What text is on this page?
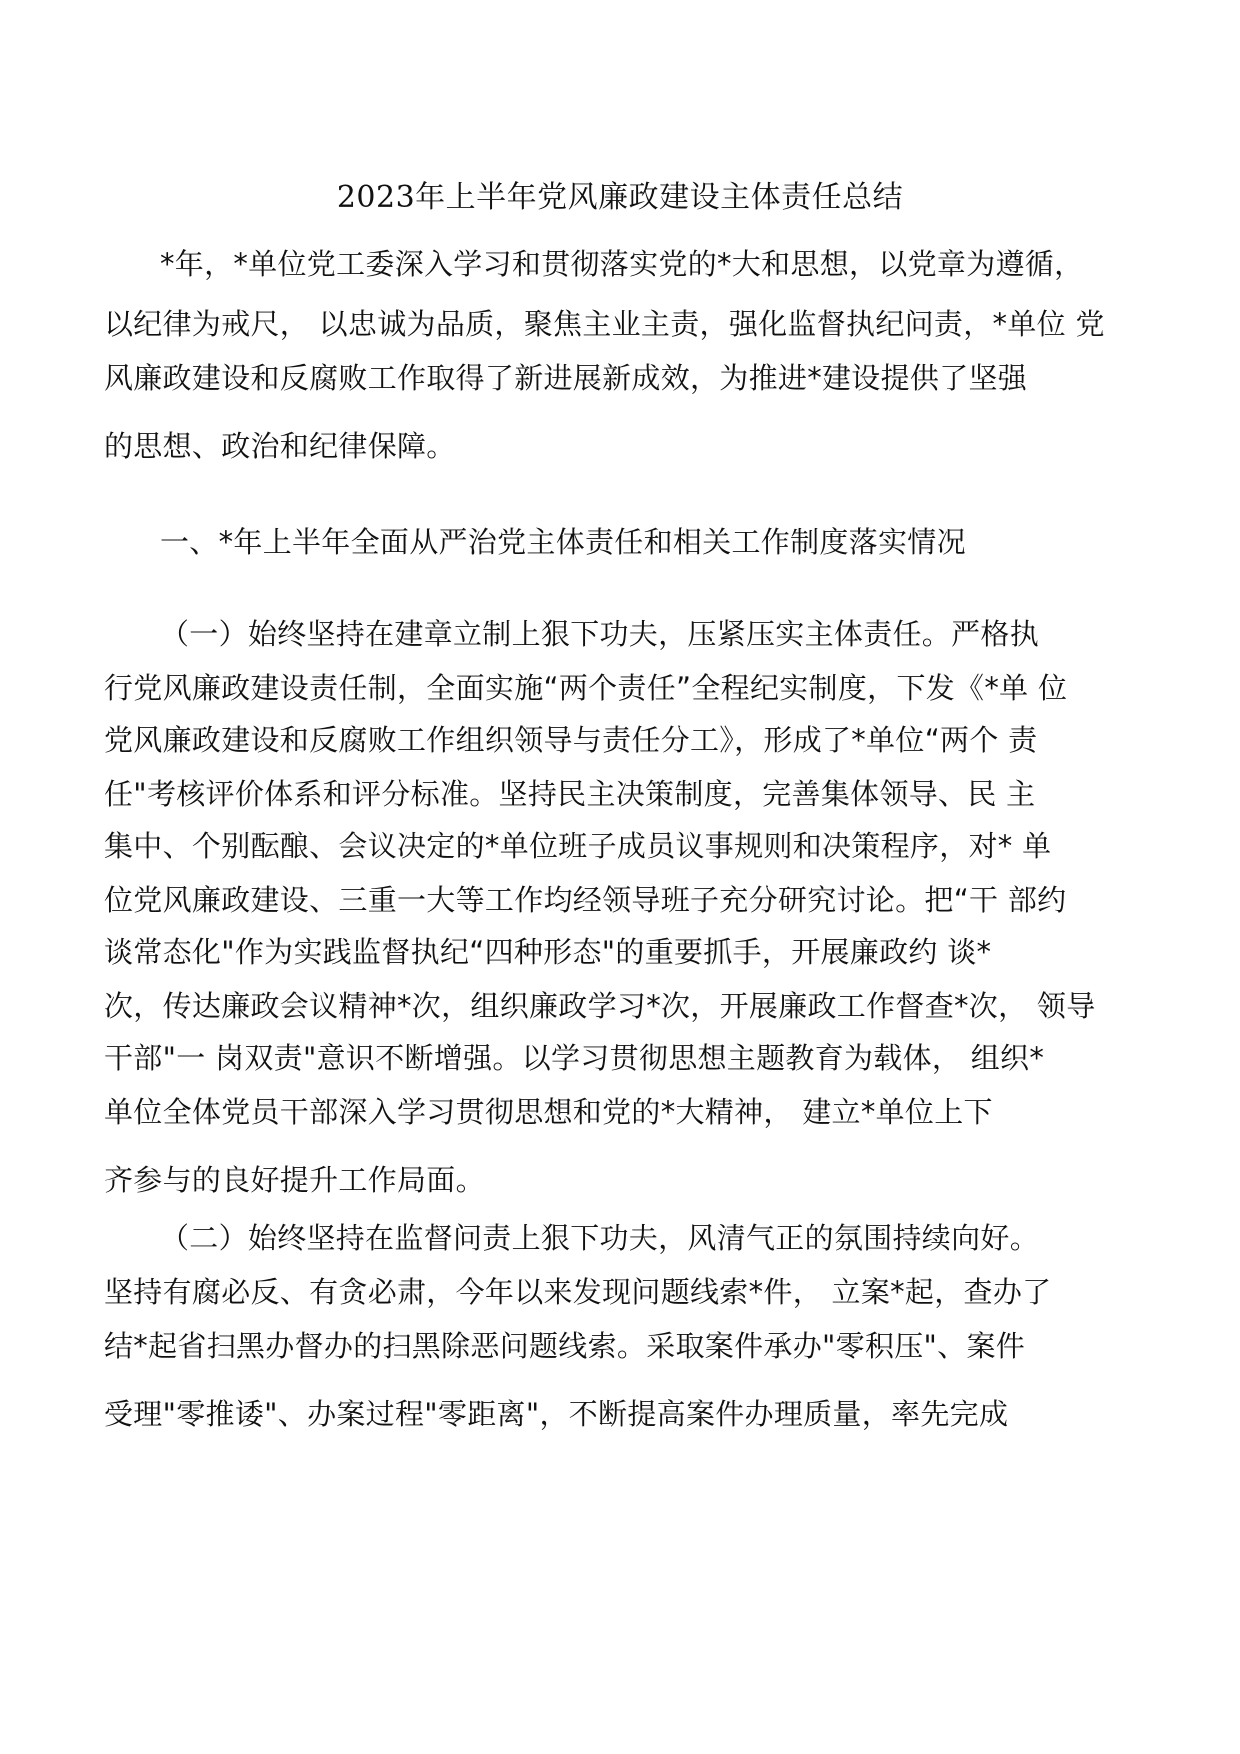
2023年上半年党风廉政建设主体责任总结
*年，*单位党工委深入学习和贯彻落实党的*大和思想，以党章为遵循，
以纪律为戒尺， 以忠诚为品质，聚焦主业主责，强化监督执纪问责，*单位 党
风廉政建设和反腐败工作取得了新进展新成效，为推进*建设提供了坚强
的思想、政治和纪律保障。
一、*年上半年全面从严治党主体责任和相关工作制度落实情况
（一）始终坚持在建章立制上狠下功夫，压紧压实主体责任。严格执
行党风廉政建设责任制，全面实施“两个责任”全程纪实制度，下发《*单 位
党风廉政建设和反腐败工作组织领导与责任分工》，形成了*单位“两个 责
任"考核评价体系和评分标准。坚持民主决策制度，完善集体领导、民 主
集中、个别酝酿、会议决定的*单位班子成员议事规则和决策程序，对* 单
位党风廉政建设、三重一大等工作均经领导班子充分研究讨论。把“干 部约
谈常态化"作为实践监督执纪“四种形态"的重要抓手，开展廉政约 谈*
次，传达廉政会议精神*次，组织廉政学习*次，开展廉政工作督查*次， 领导
干部"一 岗双责"意识不断增强。以学习贯彻思想主题教育为载体， 组织*
单位全体党员干部深入学习贯彻思想和党的*大精神， 建立*单位上下
齐参与的良好提升工作局面。
（二）始终坚持在监督问责上狠下功夫，风清气正的氛围持续向好。
坚持有腐必反、有贪必肃，今年以来发现问题线索*件， 立案*起，查办了
结*起省扫黑办督办的扫黑除恶问题线索。采取案件承办"零积压"、案件
受理"零推诿"、办案过程"零距离"，不断提高案件办理质量，率先完成
